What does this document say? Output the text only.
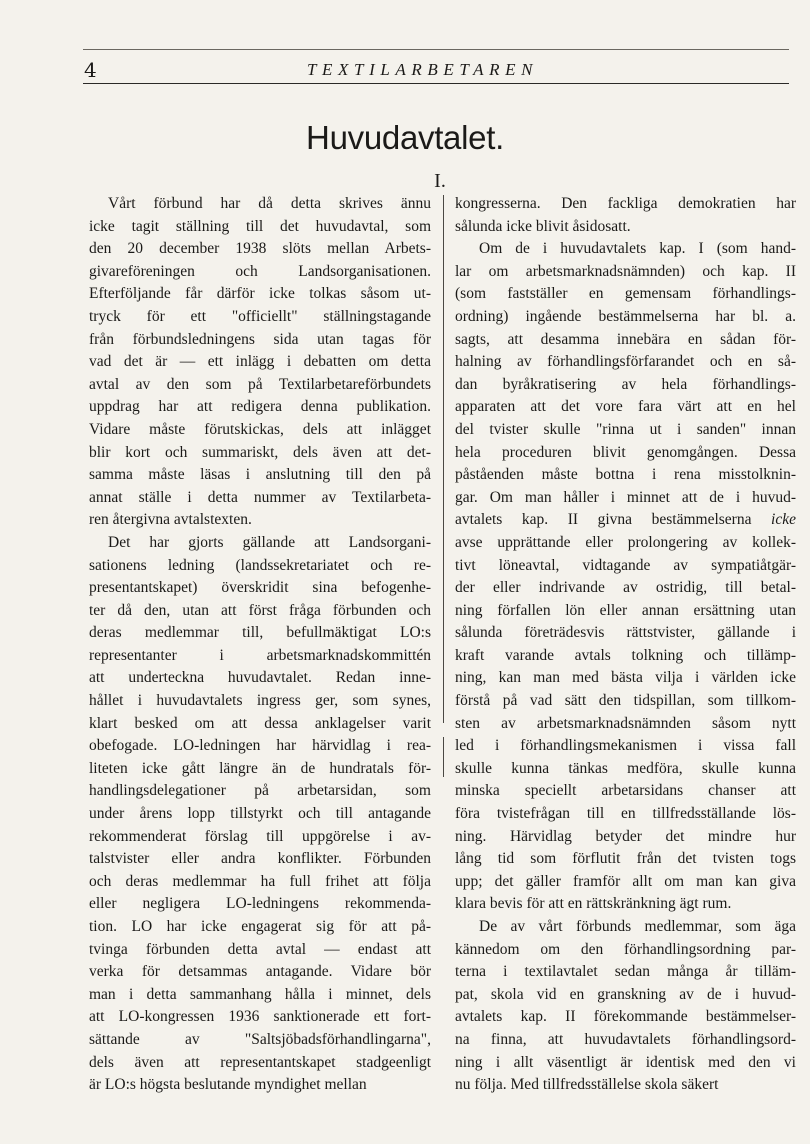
4	TEXTILARBETAREN
Huvudavtalet.
I.
Vårt förbund har då detta skrives ännu
icke tagit ställning till det huvudavtal, som
den 20 december 1938 slöts mellan Arbets-
givareföreningen och Landsorganisationen.
Efterföljande får därför icke tolkas såsom ut-
tryck för ett "officiellt" ställningstagande
från förbundsledningens sida utan tagas för
vad det är — ett inlägg i debatten om detta
avtal av den som på Textilarbetareförbundets
uppdrag har att redigera denna publikation.
Vidare måste förutskickas, dels att inlägget
blir kort och summariskt, dels även att det-
samma måste läsas i anslutning till den på
annat ställe i detta nummer av Textilarbeta-
ren återgivna avtalstexten.
Det har gjorts gällande att Landsorgani-
sationens ledning (landssekretariatet och re-
presentantskapet) överskridit sina befogenhe-
ter då den, utan att först fråga förbunden och
deras medlemmar till, befullmäktigat LO:s
representanter i arbetsmarknadskommittén
att underteckna huvudavtalet. Redan inne-
hållet i huvudavtalets ingress ger, som synes,
klart besked om att dessa anklagelser varit
obefogade. LO-ledningen har härvidlag i rea-
liteten icke gått längre än de hundratals för-
handlingsdelegationer på arbetarsidan, som
under årens lopp tillstyrkt och till antagande
rekommenderat förslag till uppgörelse i av-
talstvister eller andra konflikter. Förbunden
och deras medlemmar ha full frihet att följa
eller negligera LO-ledningens rekommenda-
tion. LO har icke engagerat sig för att på-
tvinga förbunden detta avtal — endast att
verka för detsammas antagande. Vidare bör
man i detta sammanhang hålla i minnet, dels
att LO-kongressen 1936 sanktionerade ett fort-
sättande av "Saltsjöbadsförhandlingarna",
dels även att representantskapet stadgeenligt
är LO:s högsta beslutande myndighet mellan
kongresserna. Den fackliga demokratien har
sålunda icke blivit åsidosatt.
Om de i huvudavtalets kap. I (som hand-
lar om arbetsmarknadsnämnden) och kap. II
(som fastställer en gemensam förhandlings-
ordning) ingående bestämmelserna har bl. a.
sagts, att desamma innebära en sådan för-
halning av förhandlingsförfarandet och en så-
dan byråkratisering av hela förhandlings-
apparaten att det vore fara värt att en hel
del tvister skulle "rinna ut i sanden" innan
hela proceduren blivit genomgången. Dessa
påståenden måste bottna i rena misstolknin-
gar. Om man håller i minnet att de i huvud-
avtalets kap. II givna bestämmelserna icke
avse upprättande eller prolongering av kollek-
tivt löneavtal, vidtagande av sympatiåtgär-
der eller indrivande av ostridig, till betal-
ning förfallen lön eller annan ersättning utan
sålunda företrädesvis rättstvister, gällande i
kraft varande avtals tolkning och tillämp-
ning, kan man med bästa vilja i världen icke
förstå på vad sätt den tidspillan, som tillkom-
sten av arbetsmarknadsnämnden såsom nytt
led i förhandlingsmekanismen i vissa fall
skulle kunna tänkas medföra, skulle kunna
minska speciellt arbetarsidans chanser att
föra tvistefrågan till en tillfredsställande lös-
ning. Härvidlag betyder det mindre hur
lång tid som förflutit från det tvisten togs
upp; det gäller framför allt om man kan giva
klara bevis för att en rättskränkning ägt rum.
De av vårt förbunds medlemmar, som äga
kännedom om den förhandlingsordning par-
terna i textilavtalet sedan många år tilläm-
pat, skola vid en granskning av de i huvud-
avtalets kap. II förekommande bestämmelser-
na finna, att huvudavtalets förhandlingsord-
ning i allt väsentligt är identisk med den vi
nu följa. Med tillfredsställelse skola säkert
